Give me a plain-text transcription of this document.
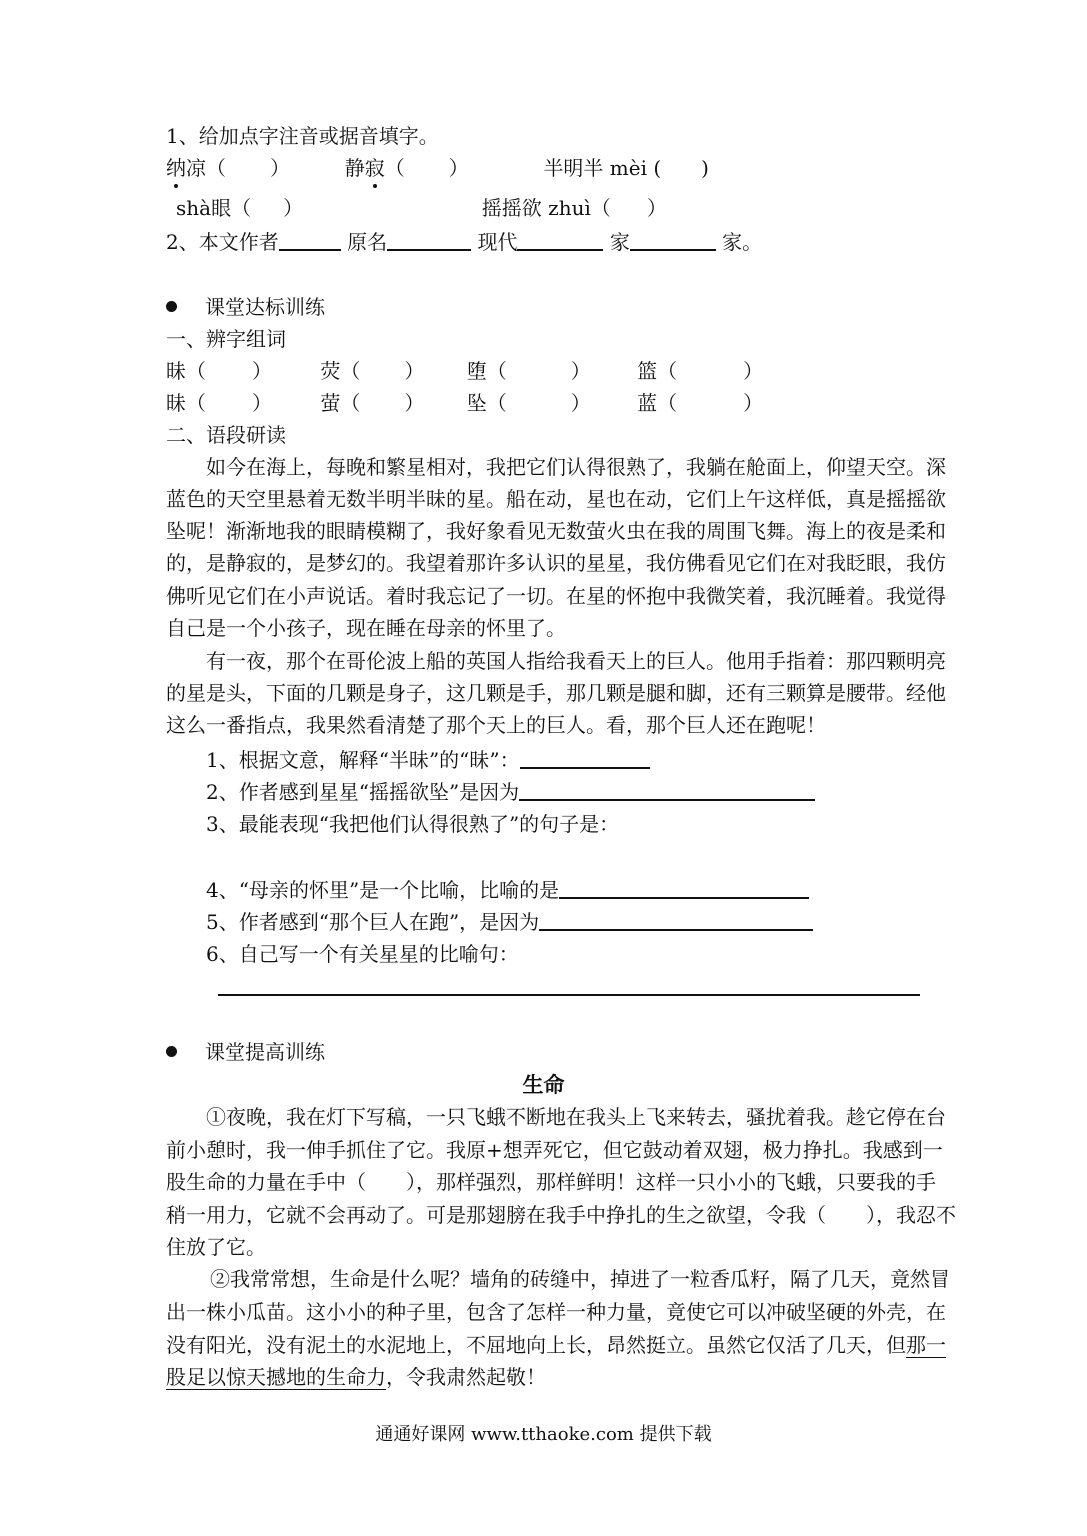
1、给加点字注音或据音填字。
纳凉（ ）	静寂（ ）	半明半 mèi ( )
shà眼（ ）	摇摇欲 zhuì（ ）
2、本文作者	原名	现代	家	家。
课堂达标训练
一、辨字组词
昧（ ） 荧（ ） 堕（	） 篮（	）
昧（ ） 萤（ ） 坠（	） 蓝（	）
二、语段研读
如今在海上，每晚和繁星相对，我把它们认得很熟了，我躺在舱面上，仰望天空。深
蓝色的天空里悬着无数半明半昧的星。船在动，星也在动，它们上午这样低，真是摇摇欲
坠呢！渐渐地我的眼睛模糊了，我好象看见无数萤火虫在我的周围飞舞。海上的夜是柔和
的，是静寂的，是梦幻的。我望着那许多认识的星星，我仿佛看见它们在对我眨眼，我仿
佛听见它们在小声说话。着时我忘记了一切。在星的怀抱中我微笑着，我沉睡着。我觉得
自己是一个小孩子，现在睡在母亲的怀里了。
有一夜，那个在哥伦波上船的英国人指给我看天上的巨人。他用手指着：那四颗明亮
的星是头，下面的几颗是身子，这几颗是手，那几颗是腿和脚，还有三颗算是腰带。经他
这么一番指点，我果然看清楚了那个天上的巨人。看，那个巨人还在跑呢！
1、根据文意，解释“半昧”的“昧”：
2、作者感到星星“摇摇欲坠”是因为
3、最能表现“我把他们认得很熟了”的句子是：
4、“母亲的怀里”是一个比喻，比喻的是
5、作者感到“那个巨人在跑”，是因为
6、自己写一个有关星星的比喻句：
课堂提高训练
生命
①夜晚，我在灯下写稿，一只飞蛾不断地在我头上飞来转去，骚扰着我。趁它停在台
前小憩时，我一伸手抓住了它。我原+想弄死它，但它鼓动着双翅，极力挣扎。我感到一
股生命的力量在手中（　　），那样强烈，那样鲜明！这样一只小小的飞蛾，只要我的手
稍一用力，它就不会再动了。可是那翅膀在我手中挣扎的生之欲望，令我（　　），我忍不
住放了它。
②我常常想，生命是什么呢？墙角的砖缝中，掉进了一粒香瓜籽，隔了几天，竟然冒
出一株小瓜苗。这小小的种子里，包含了怎样一种力量，竟使它可以冲破坚硬的外壳，在
没有阳光，没有泥土的水泥地上，不屈地向上长，昂然挺立。虽然它仅活了几天，但那一
股足以惊天撼地的生命力，令我肃然起敬！
通通好课网 www.tthaoke.com 提供下载
